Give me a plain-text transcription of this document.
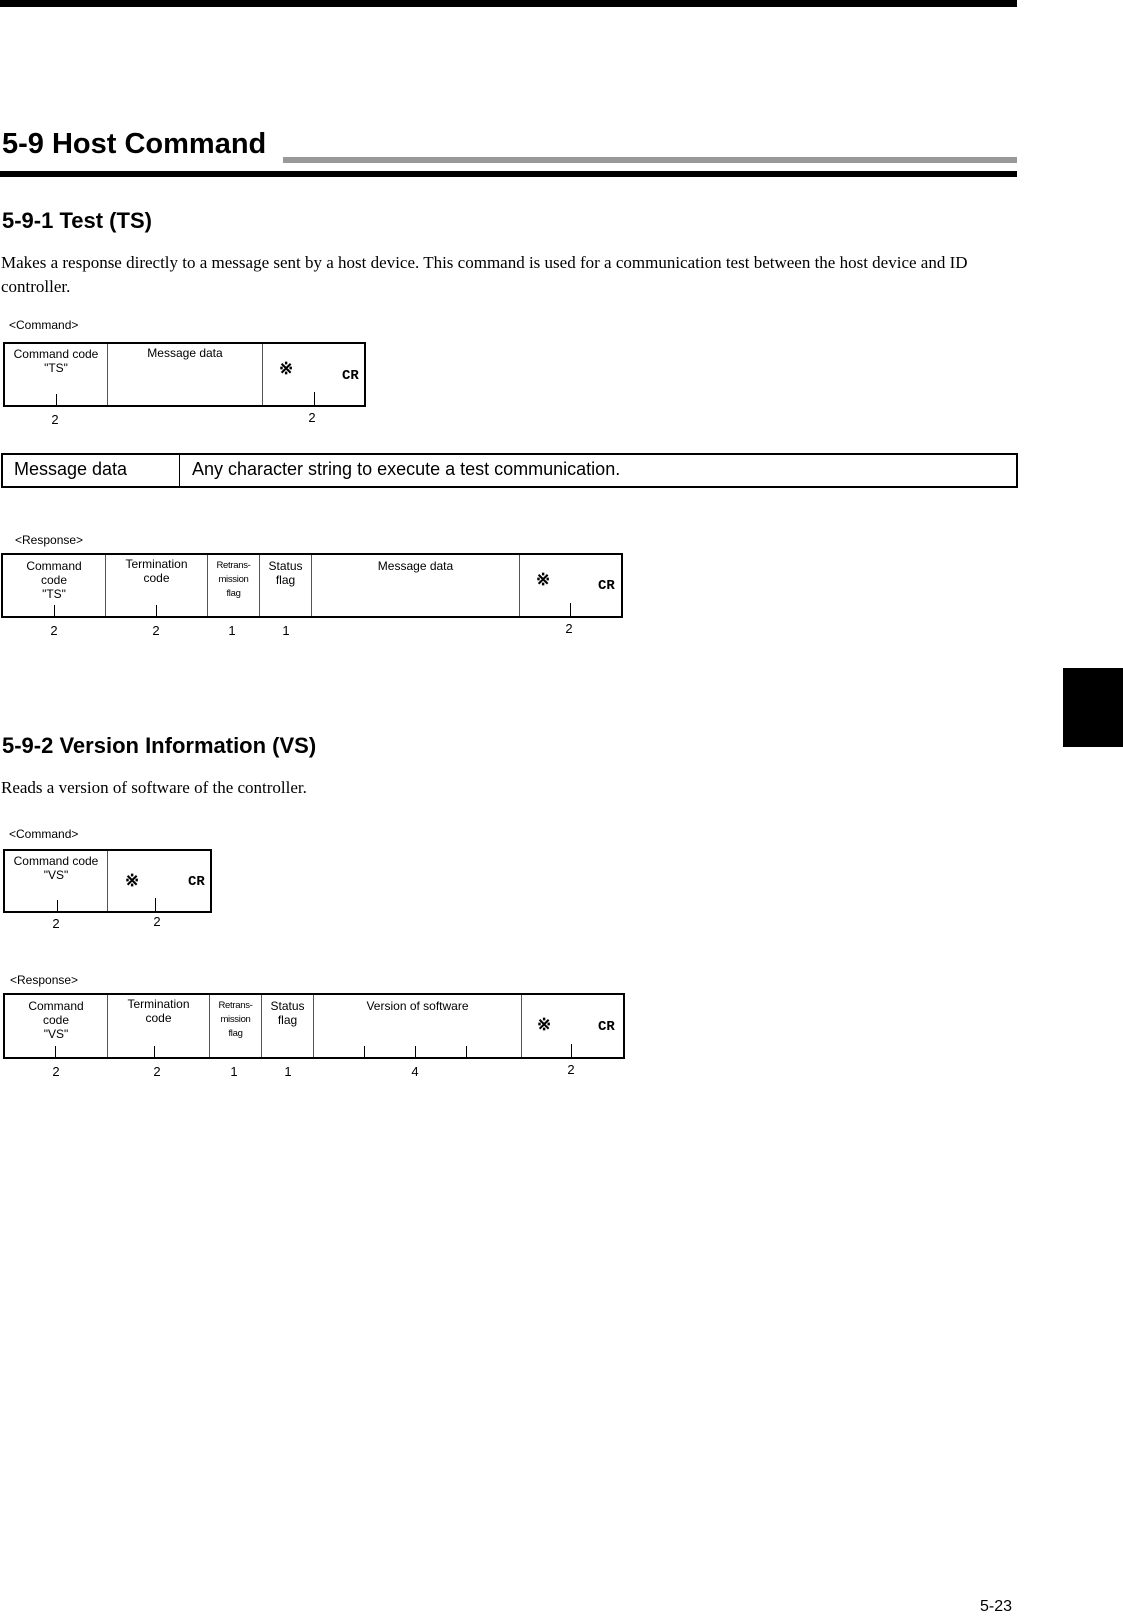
5-9 Host Command
5-9-1 Test (TS)
Makes a response directly to a message sent by a host device. This command is used for a communication test between the host device and ID controller.
<Command>
Command code
"TS"
Message data
※	CR
2	2
Message data	Any character string to execute a test communication.
<Response>
Command
code
"TS"
Termination
code
Retrans-
mission
flag
Status
flag
Message data
※	CR
2	2	1	1	2
5-9-2 Version Information (VS)
Reads a version of software of the controller.
<Command>
Command code
"VS"	※	CR
2	2
<Response>
Command
code
"VS"
Termination
code
Retrans-
mission
flag
Status
flag
Version of software
※	CR
2	2	1	1	4	2
5-23
